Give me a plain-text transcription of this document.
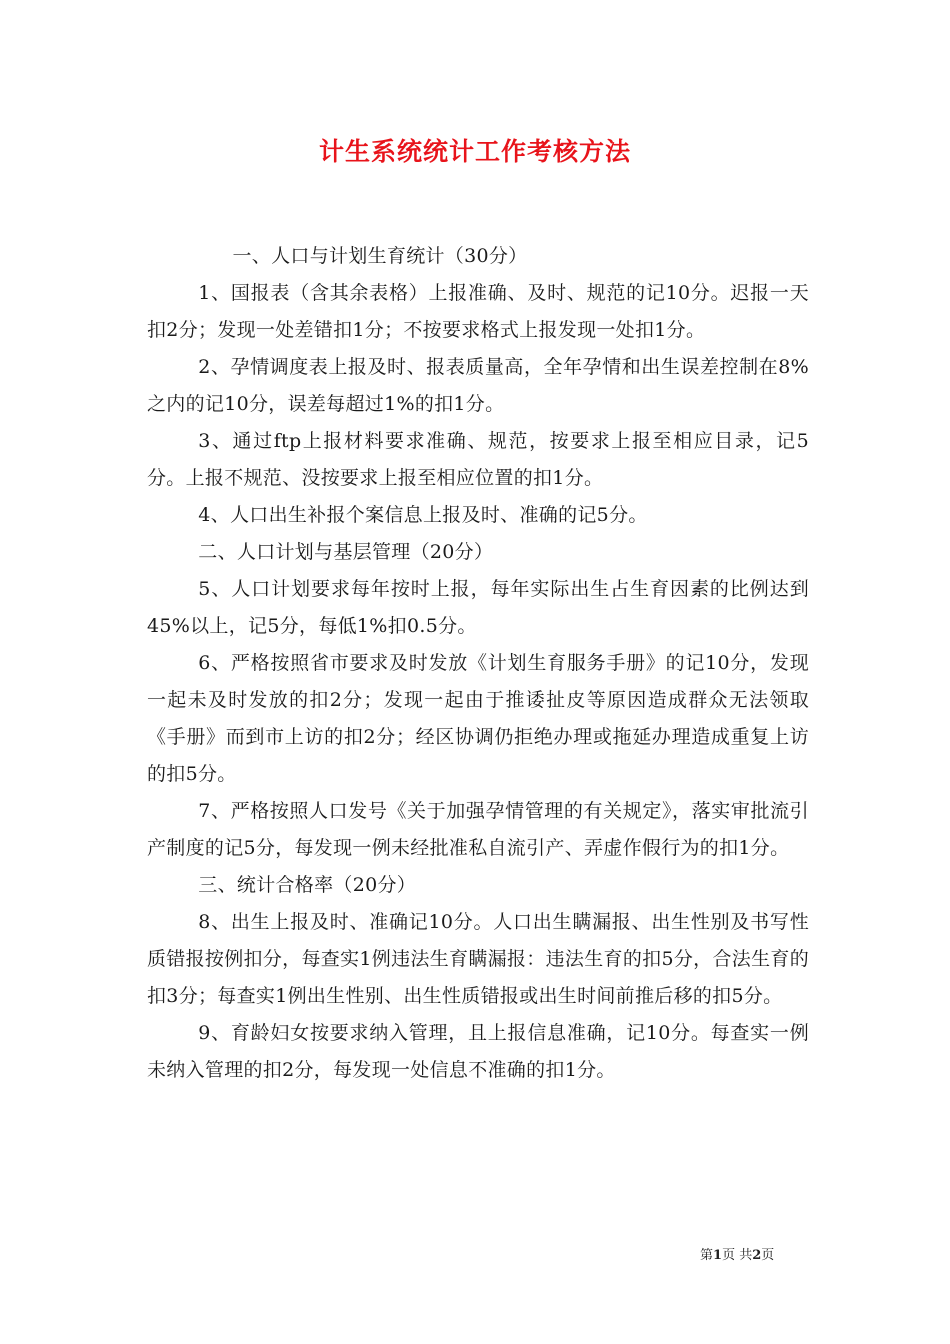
计生系统统计工作考核方法

一、人口与计划生育统计（30分）

1、国报表（含其余表格）上报准确、及时、规范的记10分。迟报一天扣2分；发现一处差错扣1分；不按要求格式上报发现一处扣1分。

2、孕情调度表上报及时、报表质量高，全年孕情和出生误差控制在8%之内的记10分，误差每超过1%的扣1分。

3、通过ftp上报材料要求准确、规范，按要求上报至相应目录，记5分。上报不规范、没按要求上报至相应位置的扣1分。

4、人口出生补报个案信息上报及时、准确的记5分。

二、人口计划与基层管理（20分）

5、人口计划要求每年按时上报，每年实际出生占生育因素的比例达到45%以上，记5分，每低1%扣0.5分。

6、严格按照省市要求及时发放《计划生育服务手册》的记10分，发现一起未及时发放的扣2分；发现一起由于推诿扯皮等原因造成群众无法领取《手册》而到市上访的扣2分；经区协调仍拒绝办理或拖延办理造成重复上访的扣5分。

7、严格按照人口发号《关于加强孕情管理的有关规定》，落实审批流引产制度的记5分，每发现一例未经批准私自流引产、弄虚作假行为的扣1分。

三、统计合格率（20分）

8、出生上报及时、准确记10分。人口出生瞒漏报、出生性别及书写性质错报按例扣分，每查实1例违法生育瞒漏报：违法生育的扣5分，合法生育的扣3分；每查实1例出生性别、出生性质错报或出生时间前推后移的扣5分。

9、育龄妇女按要求纳入管理，且上报信息准确，记10分。每查实一例未纳入管理的扣2分，每发现一处信息不准确的扣1分。

第1页 共2页
